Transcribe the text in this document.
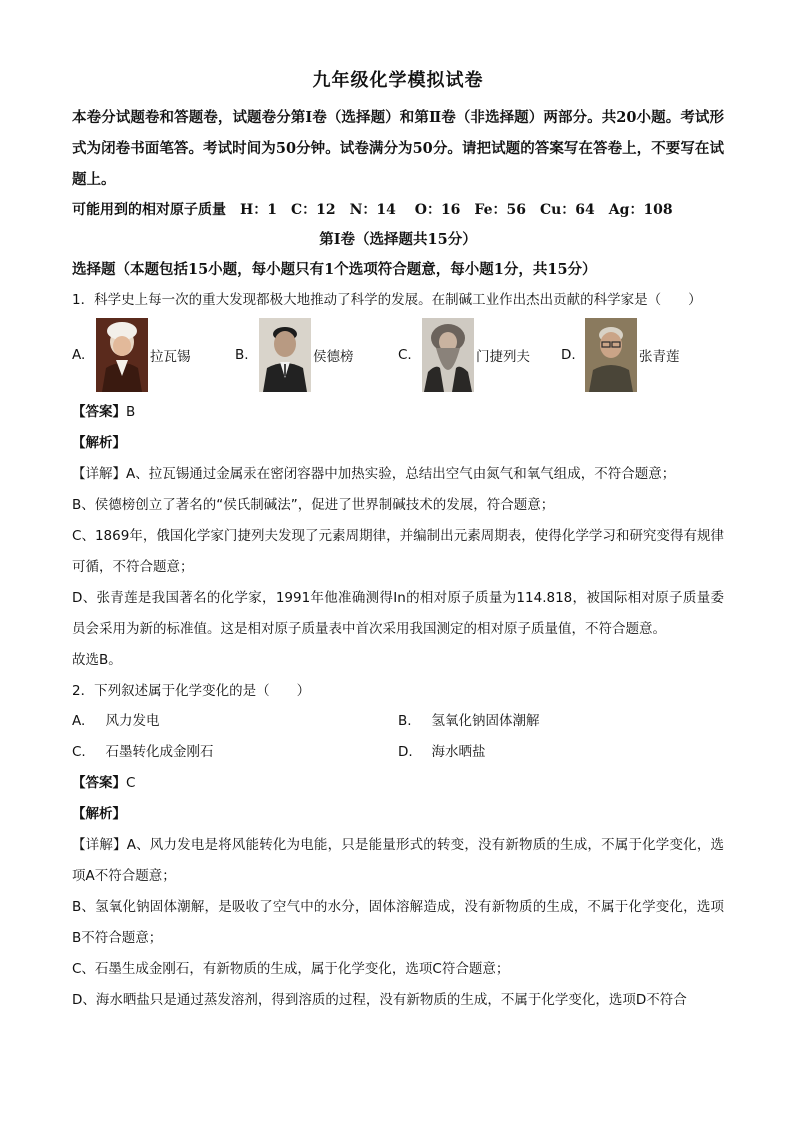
九年级化学模拟试卷

本卷分试题卷和答题卷，试题卷分第Ⅰ卷（选择题）和第Ⅱ卷（非选择题）两部分。共20小题。考试形式为闭卷书面笔答。考试时间为50分钟。试卷满分为50分。请把试题的答案写在答卷上，不要写在试题上。

可能用到的相对原子质量　H：1　C：12　N：14　 O：16　Fe：56　Cu：64　Ag：108

第Ⅰ卷（选择题共15分）

选择题（本题包括15小题，每小题只有1个选项符合题意，每小题1分，共15分）

1．科学史上每一次的重大发现都极大地推动了科学的发展。在制碱工业作出杰出贡献的科学家是（　　）

A.	拉瓦锡	B.	侯德榜	C.	门捷列夫 D.	张青莲

【答案】B

【解析】

【详解】A、拉瓦锡通过金属汞在密闭容器中加热实验，总结出空气由氮气和氧气组成，不符合题意；

B、侯德榜创立了著名的“侯氏制碱法”，促进了世界制碱技术的发展，符合题意；

C、1869年，俄国化学家门捷列夫发现了元素周期律，并编制出元素周期表，使得化学学习和研究变得有规律可循，不符合题意；

D、张青莲是我国著名的化学家，1991年他准确测得In的相对原子质量为114.818，被国际相对原子质量委员会采用为新的标准值。这是相对原子质量表中首次采用我国测定的相对原子质量值，不符合题意。

故选B。

2．下列叙述属于化学变化的是（　　）

A.  风力发电	B.  氢氧化钠固体潮解
C.  石墨转化成金刚石	D.  海水晒盐

【答案】C

【解析】

【详解】A、风力发电是将风能转化为电能，只是能量形式的转变，没有新物质的生成，不属于化学变化，选项A不符合题意；

B、氢氧化钠固体潮解，是吸收了空气中的水分，固体溶解造成，没有新物质的生成，不属于化学变化，选项B不符合题意；

C、石墨生成金刚石，有新物质的生成，属于化学变化，选项C符合题意；

D、海水晒盐只是通过蒸发溶剂，得到溶质的过程，没有新物质的生成，不属于化学变化，选项D不符合
